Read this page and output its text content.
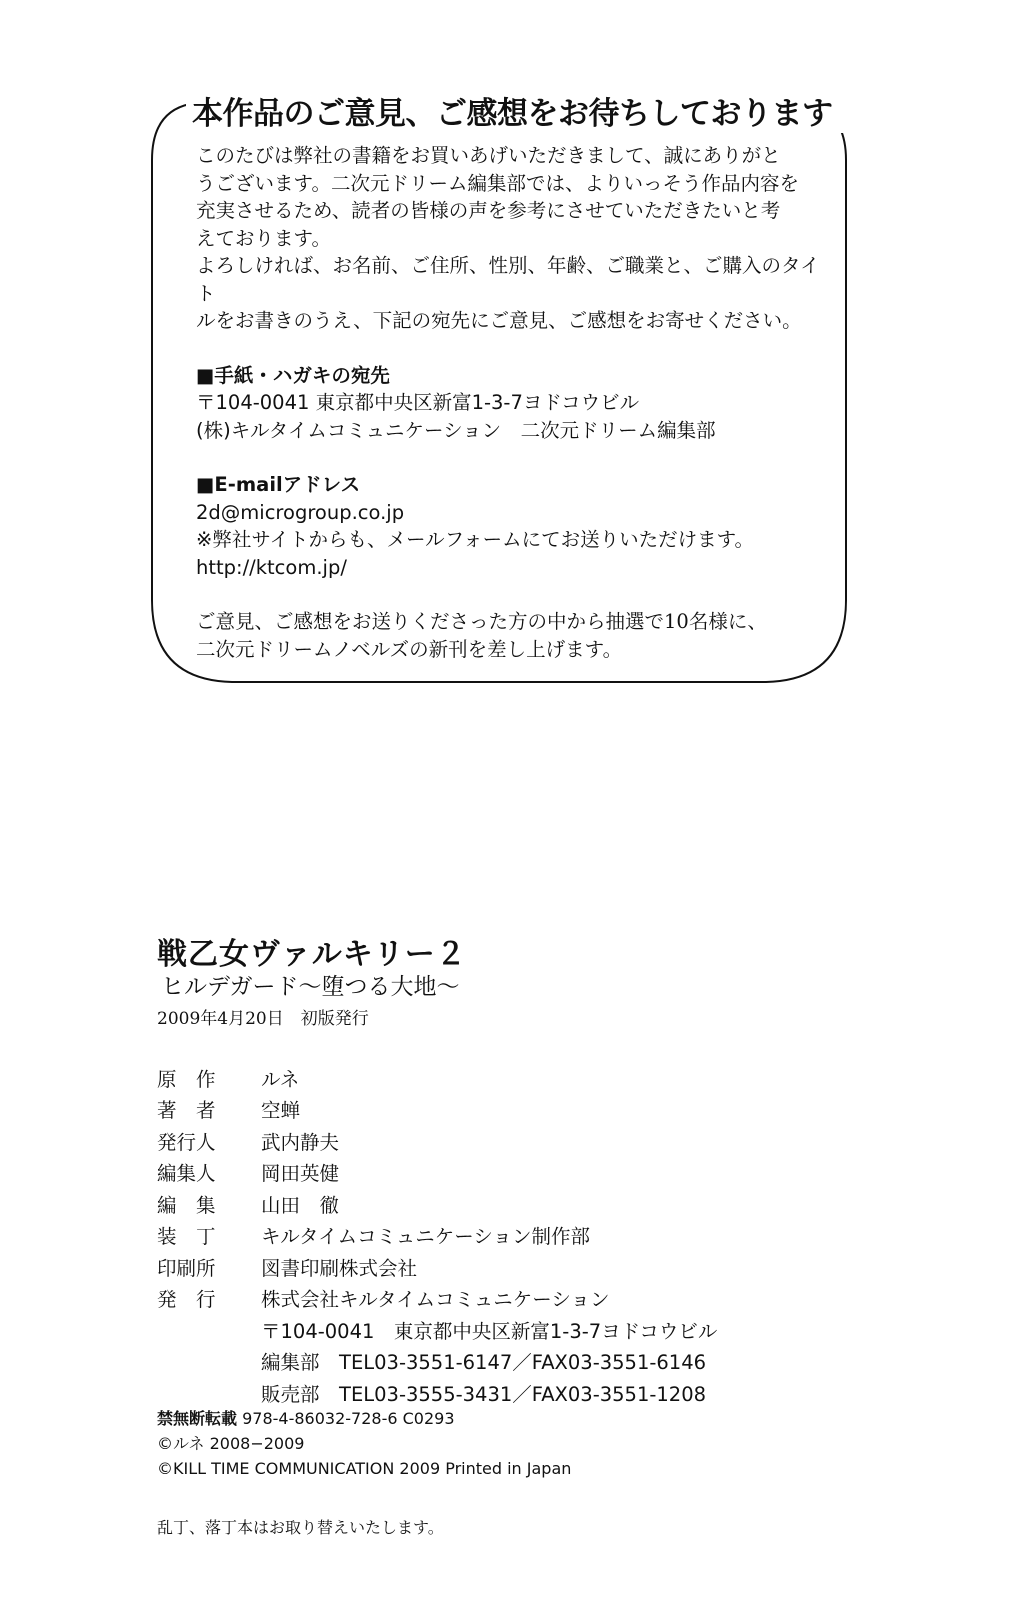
本作品のご意見、ご感想をお待ちしております

このたびは弊社の書籍をお買いあげいただきまして、誠にありがと

うございます。二次元ドリーム編集部では、よりいっそう作品内容を

充実させるため、読者の皆様の声を参考にさせていただきたいと考

えております。

よろしければ、お名前、ご住所、性別、年齢、ご職業と、ご購入のタイト

ルをお書きのうえ、下記の宛先にご意見、ご感想をお寄せください。

■手紙・ハガキの宛先

〒104-0041 東京都中央区新富1-3-7ヨドコウビル

(株)キルタイムコミュニケーション　二次元ドリーム編集部

■E-mailアドレス

2d@microgroup.co.jp

※弊社サイトからも、メールフォームにてお送りいただけます。

http://ktcom.jp/

ご意見、ご感想をお送りくださった方の中から抽選で10名様に、

二次元ドリームノベルズの新刊を差し上げます。

戦乙女ヴァルキリー２
ヒルデガード〜堕つる大地〜
2009年4月20日　初版発行
原　作	ルネ
著　者	空蝉
発行人	武内静夫
編集人	岡田英健
編　集	山田　徹
装　丁	キルタイムコミュニケーション制作部
印刷所	図書印刷株式会社
発　行	株式会社キルタイムコミュニケーション
〒104-0041　東京都中央区新富1-3-7ヨドコウビル
編集部　 TEL03-3551-6147／FAX03-3551-6146
販売部　 TEL03-3555-3431／FAX03-3551-1208
禁無断転載 978-4-86032-728-6 C0293
©ルネ 2008−2009
©KILL TIME COMMUNICATION 2009 Printed in Japan
乱丁、落丁本はお取り替えいたします。
